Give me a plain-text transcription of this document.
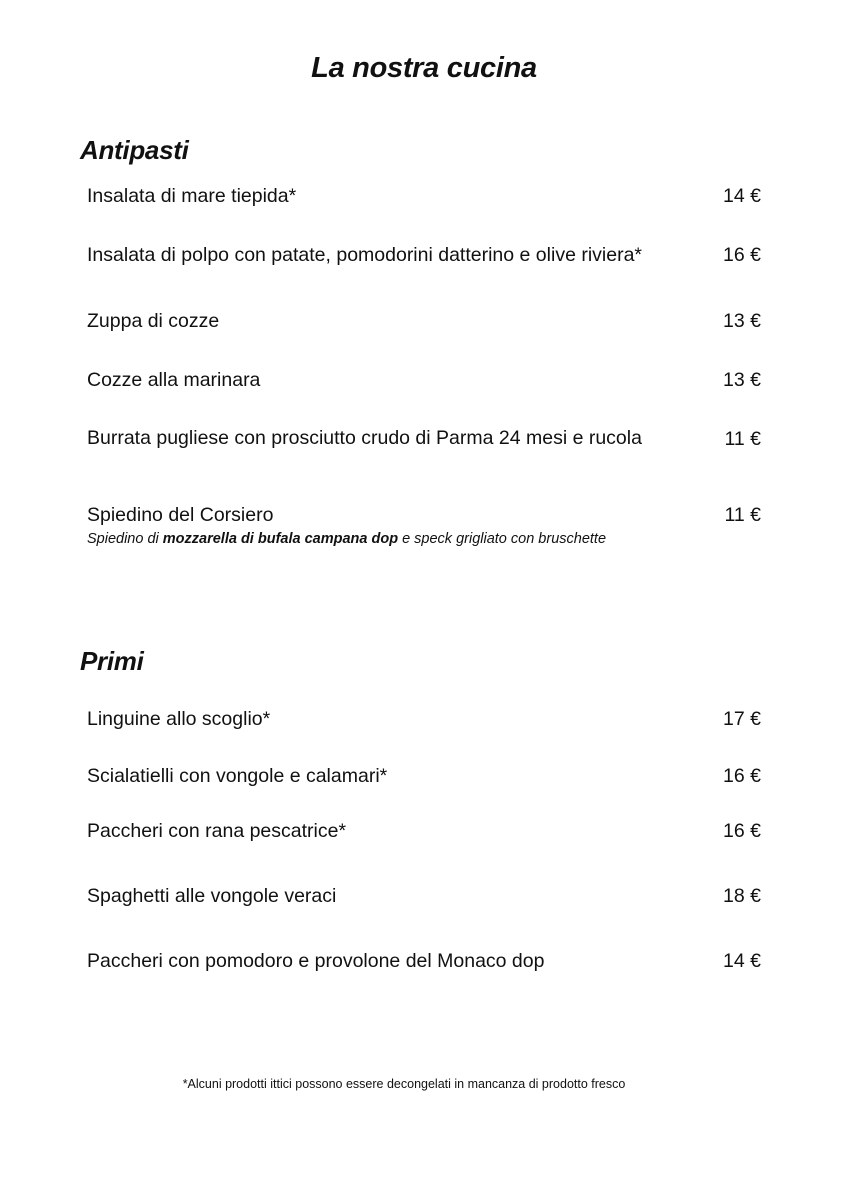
La nostra cucina
Antipasti
Insalata di mare tiepida*	14 €
Insalata di polpo con patate, pomodorini datterino e olive riviera*	16 €
Zuppa di cozze	13 €
Cozze alla marinara	13 €
Burrata pugliese con prosciutto crudo di Parma 24 mesi e rucola	11 €
Spiedino del Corsiero	11 €
Spiedino di mozzarella di bufala campana dop e speck grigliato con bruschette
Primi
Linguine allo scoglio*	17 €
Scialatielli con vongole e calamari*	16 €
Paccheri con rana pescatrice*	16 €
Spaghetti alle vongole veraci	18 €
Paccheri con pomodoro e provolone del Monaco dop	14 €
*Alcuni prodotti ittici possono essere decongelati in mancanza di prodotto fresco
